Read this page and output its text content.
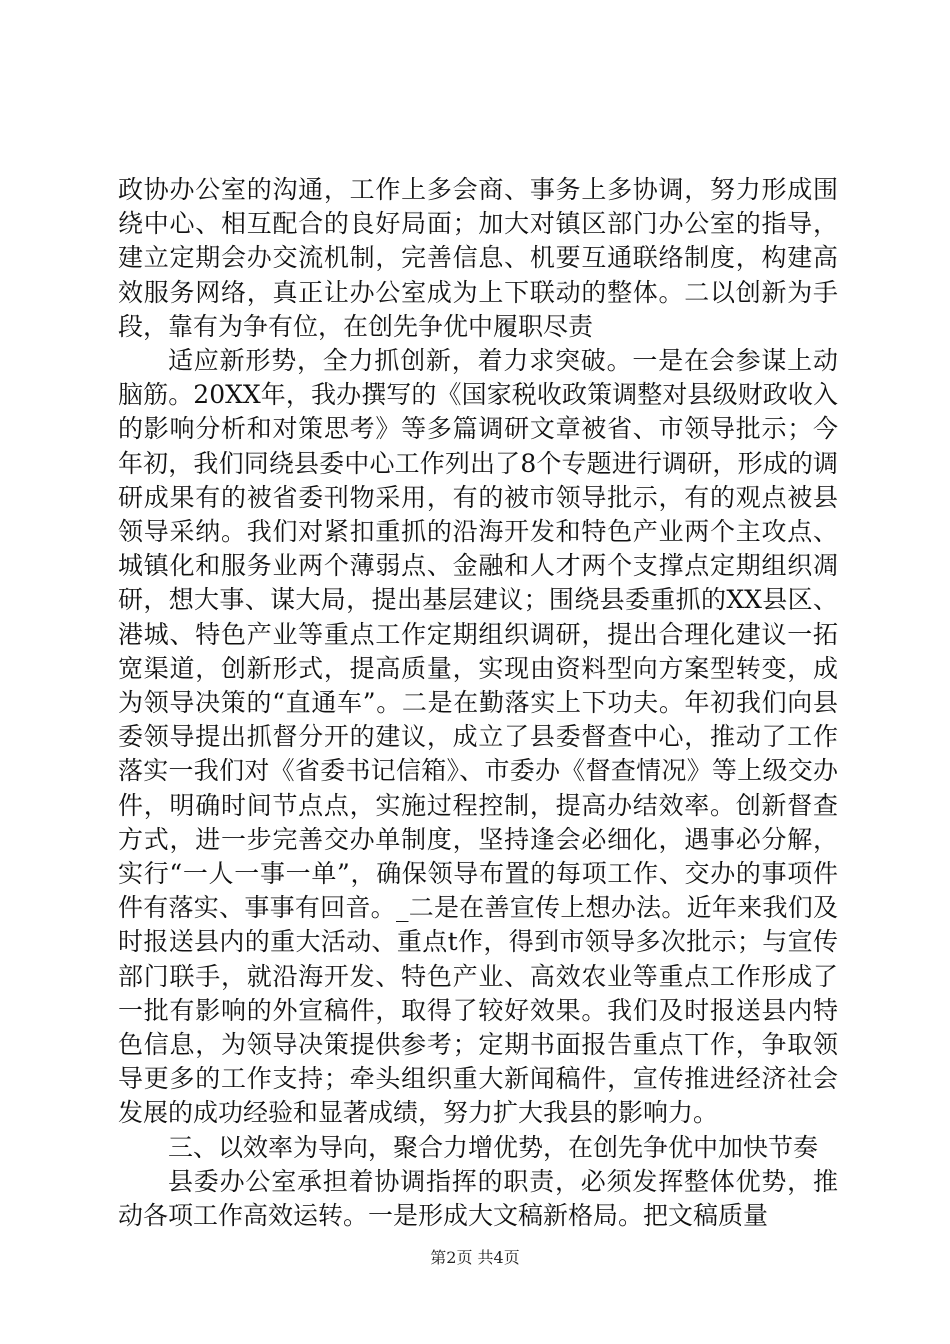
政协办公室的沟通，工作上多会商、事务上多协调，努力形成围绕中心、相互配合的良好局面；加大对镇区部门办公室的指导，建立定期会办交流机制，完善信息、机要互通联络制度，构建高效服务网络，真正让办公室成为上下联动的整体。二以创新为手段，靠有为争有位，在创先争优中履职尽责

适应新形势，全力抓创新，着力求突破。一是在会参谋上动脑筋。20XX年，我办撰写的《国家税收政策调整对县级财政收入的影响分析和对策思考》等多篇调研文章被省、市领导批示；今年初，我们同绕县委中心工作列出了8个专题进行调研，形成的调研成果有的被省委刊物采用，有的被市领导批示，有的观点被县领导采纳。我们对紧扣重抓的沿海开发和特色产业两个主攻点、城镇化和服务业两个薄弱点、金融和人才两个支撑点定期组织凋研，想大事、谋大局，提出基层建议；围绕县委重抓的XX县区、港城、特色产业等重点工作定期组织调研，提出合理化建议一拓宽渠道，创新形式，提高质量，实现由资料型向方案型转变，成为领导决策的“直通车”。二是在勤落实上下功夫。年初我们向县委领导提出抓督分开的建议，成立了县委督查中心，推动了工作落实一我们对《省委书记信箱》、市委办《督查情况》等上级交办件，明确时间节点点，实施过程控制，提高办结效率。创新督查方式，进一步完善交办单制度，坚持逢会必细化，遇事必分解，实行“一人一事一单”，确保领导布置的每项工作、交办的事项件件有落实、事事有回音。_二是在善宣传上想办法。近年来我们及时报送县内的重大活动、重点t作，得到市领导多次批示；与宣传部门联手，就沿海开发、特色产业、高效农业等重点工作形成了一批有影响的外宣稿件，取得了较好效果。我们及时报送县内特色信息，为领导决策提供参考；定期书面报告重点丅作，争取领导更多的工作支持；牵头组织重大新闻稿件，宣传推进经济社会发展的成功经验和显著成绩，努力扩大我县的影响力。

三、以效率为导向，聚合力增优势，在创先争优中加快节奏

县委办公室承担着协调指挥的职责，必须发挥整体优势，推动各项工作高效运转。一是形成大文稿新格局。把文稿质量

第2页 共4页
